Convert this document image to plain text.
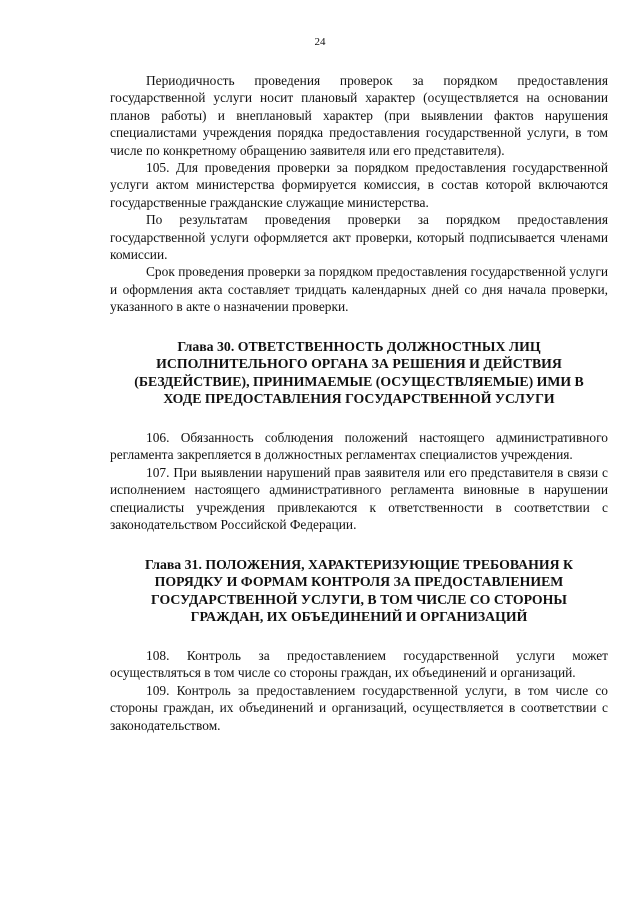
24

Периодичность проведения проверок за порядком предоставления государственной услуги носит плановый характер (осуществляется на основании планов работы) и внеплановый характер (при выявлении фактов нарушения специалистами учреждения порядка предоставления государственной услуги, в том числе по конкретному обращению заявителя или его представителя).

105. Для проведения проверки за порядком предоставления государственной услуги актом министерства формируется комиссия, в состав которой включаются государственные гражданские служащие министерства.

По результатам проведения проверки за порядком предоставления государственной услуги оформляется акт проверки, который подписывается членами комиссии.

Срок проведения проверки за порядком предоставления государственной услуги и оформления акта составляет тридцать календарных дней со дня начала проверки, указанного в акте о назначении проверки.

Глава 30. ОТВЕТСТВЕННОСТЬ ДОЛЖНОСТНЫХ ЛИЦ ИСПОЛНИТЕЛЬНОГО ОРГАНА ЗА РЕШЕНИЯ И ДЕЙСТВИЯ (БЕЗДЕЙСТВИЕ), ПРИНИМАЕМЫЕ (ОСУЩЕСТВЛЯЕМЫЕ) ИМИ В ХОДЕ ПРЕДОСТАВЛЕНИЯ ГОСУДАРСТВЕННОЙ УСЛУГИ

106. Обязанность соблюдения положений настоящего административного регламента закрепляется в должностных регламентах специалистов учреждения.

107. При выявлении нарушений прав заявителя или его представителя в связи с исполнением настоящего административного регламента виновные в нарушении специалисты учреждения привлекаются к ответственности в соответствии с законодательством Российской Федерации.

Глава 31. ПОЛОЖЕНИЯ, ХАРАКТЕРИЗУЮЩИЕ ТРЕБОВАНИЯ К ПОРЯДКУ И ФОРМАМ КОНТРОЛЯ ЗА ПРЕДОСТАВЛЕНИЕМ ГОСУДАРСТВЕННОЙ УСЛУГИ, В ТОМ ЧИСЛЕ СО СТОРОНЫ ГРАЖДАН, ИХ ОБЪЕДИНЕНИЙ И ОРГАНИЗАЦИЙ

108. Контроль за предоставлением государственной услуги может осуществляться в том числе со стороны граждан, их объединений и организаций.

109. Контроль за предоставлением государственной услуги, в том числе со стороны граждан, их объединений и организаций, осуществляется в соответствии с законодательством.
